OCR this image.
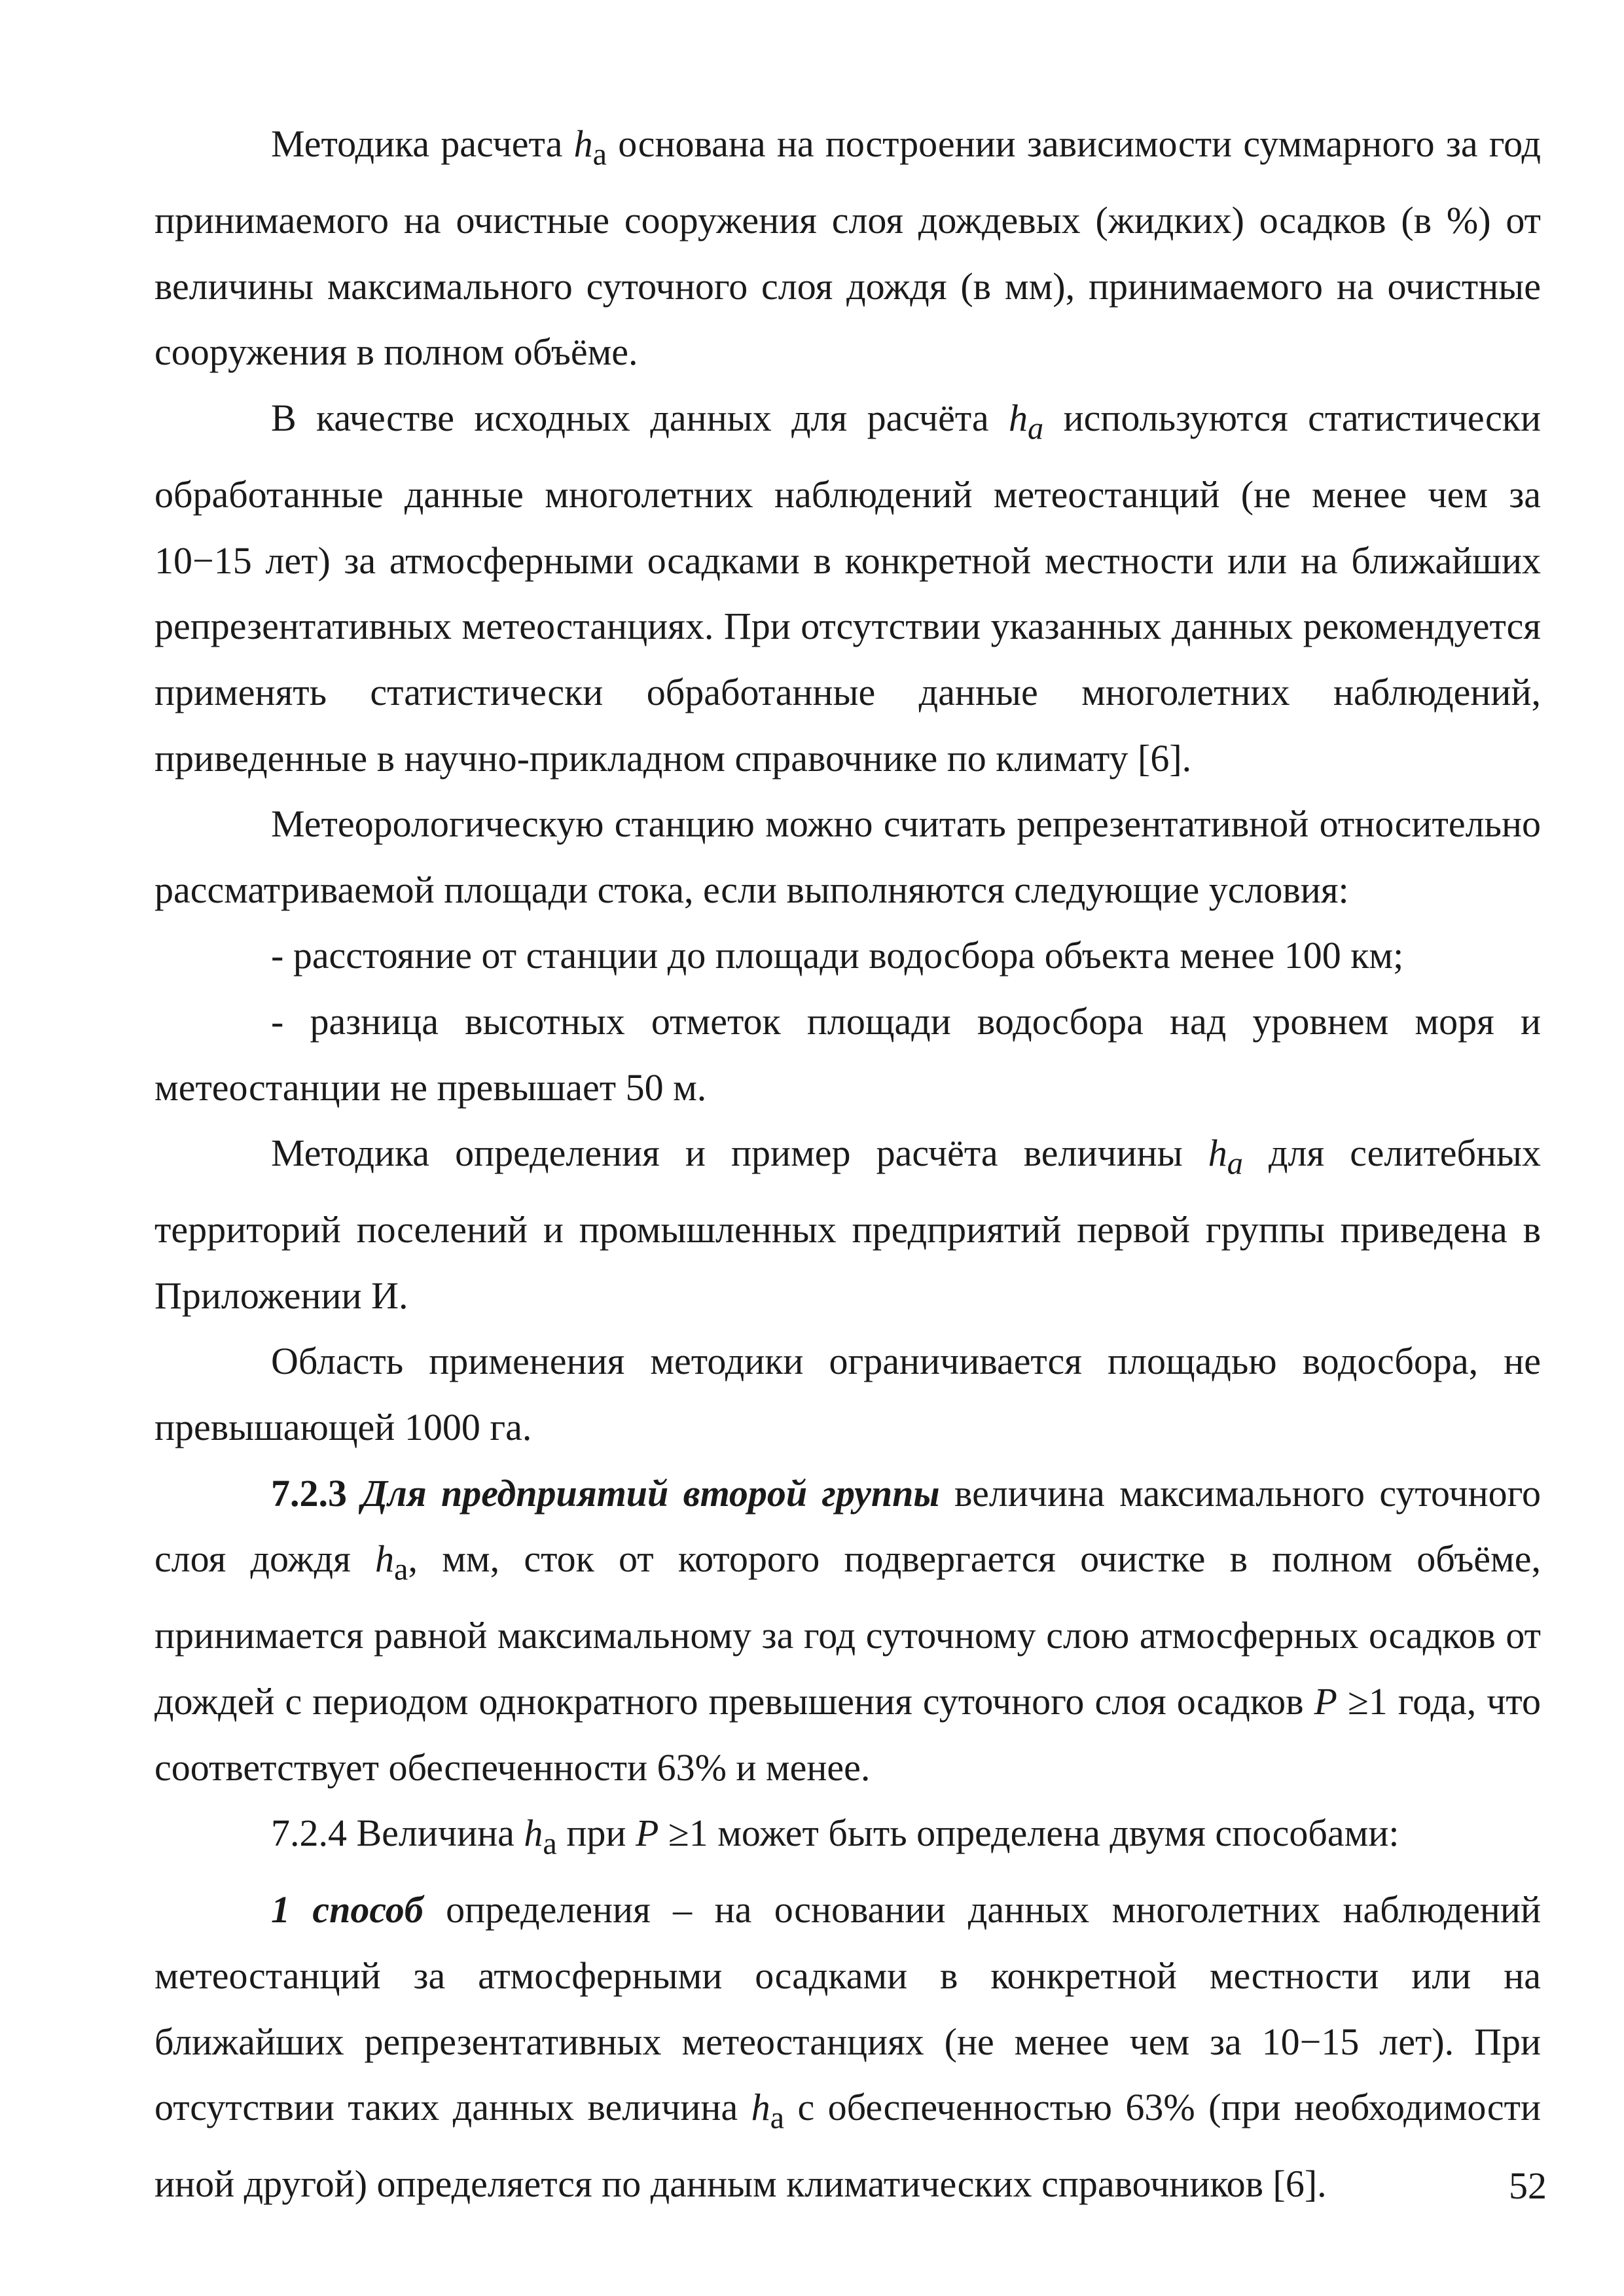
Методика расчета $h_a$ основана на построении зависимости суммарного за год принимаемого на очистные сооружения слоя дождевых (жидких) осадков (в %) от величины максимального суточного слоя дождя (в мм), принимаемого на очистные сооружения в полном объёме.

В качестве исходных данных для расчёта $h_a$ используются статистически обработанные данные многолетних наблюдений метеостанций (не менее чем за 10−15 лет) за атмосферными осадками в конкретной местности или на ближайших репрезентативных метеостанциях. При отсутствии указанных данных рекомендуется применять статистически обработанные данные многолетних наблюдений, приведенные в научно-прикладном справочнике по климату [6].

Метеорологическую станцию можно считать репрезентативной относительно рассматриваемой площади стока, если выполняются следующие условия:

- расстояние от станции до площади водосбора объекта менее 100 км;

- разница высотных отметок площади водосбора над уровнем моря и метеостанции не превышает 50 м.

Методика определения и пример расчёта величины $h_a$ для селитебных территорий поселений и промышленных предприятий первой группы приведена в Приложении И.

Область применения методики ограничивается площадью водосбора, не превышающей 1000 га.

7.2.3 Для предприятий второй группы величина максимального суточного слоя дождя $h_a$, мм, сток от которого подвергается очистке в полном объёме, принимается равной максимальному за год суточному слою атмосферных осадков от дождей с периодом однократного превышения суточного слоя осадков P ≥1 года, что соответствует обеспеченности 63% и менее.

7.2.4 Величина $h_a$ при P ≥1 может быть определена двумя способами:

1 способ определения – на основании данных многолетних наблюдений метеостанций за атмосферными осадками в конкретной местности или на ближайших репрезентативных метеостанциях (не менее чем за 10−15 лет). При отсутствии таких данных величина $h_a$ с обеспеченностью 63% (при необходимости иной другой) определяется по данным климатических справочников [6].	52
